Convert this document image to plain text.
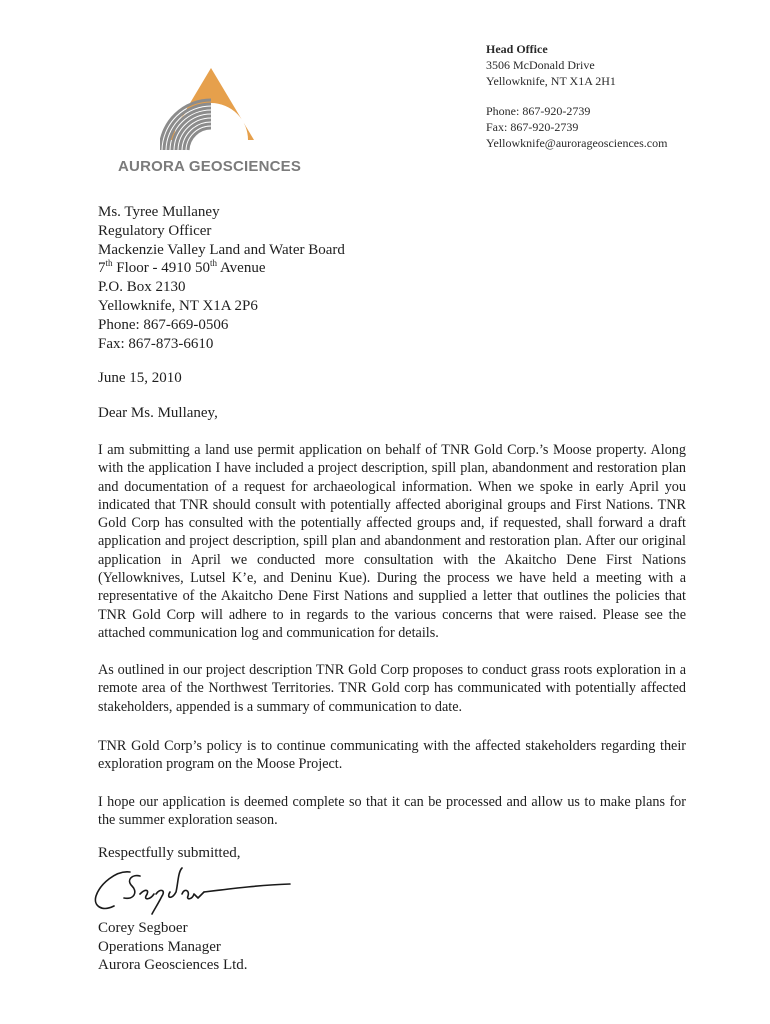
AURORA GEOSCIENCES
Head Office
3506 McDonald Drive
Yellowknife, NT X1A 2H1
Phone: 867-920-2739
Fax: 867-920-2739
Yellowknife@aurorageosciences.com
Ms. Tyree Mullaney
Regulatory Officer
Mackenzie Valley Land and Water Board
7th Floor - 4910 50th Avenue
P.O. Box 2130
Yellowknife, NT X1A 2P6
Phone: 867-669-0506
Fax: 867-873-6610
June 15, 2010
Dear Ms. Mullaney,

I am submitting a land use permit application on behalf of TNR Gold Corp.’s Moose property. Along with the application I have included a project description, spill plan, abandonment and restoration plan and documentation of a request for archaeological information. When we spoke in early April you indicated that TNR should consult with potentially affected aboriginal groups and First Nations. TNR Gold Corp has consulted with the potentially affected groups and, if requested, shall forward a draft application and project description, spill plan and abandonment and restoration plan. After our original application in April we conducted more consultation with the Akaitcho Dene First Nations (Yellowknives, Lutsel K’e, and Deninu Kue). During the process we have held a meeting with a representative of the Akaitcho Dene First Nations and supplied a letter that outlines the policies that TNR Gold Corp will adhere to in regards to the various concerns that were raised. Please see the attached communication log and communication for details.

As outlined in our project description TNR Gold Corp proposes to conduct grass roots exploration in a remote area of the Northwest Territories. TNR Gold corp has communicated with potentially affected stakeholders, appended is a summary of communication to date.

TNR Gold Corp’s policy is to continue communicating with the affected stakeholders regarding their exploration program on the Moose Project.

I hope our application is deemed complete so that it can be processed and allow us to make plans for the summer exploration season.

Respectfully submitted,
Corey Segboer
Operations Manager
Aurora Geosciences Ltd.
